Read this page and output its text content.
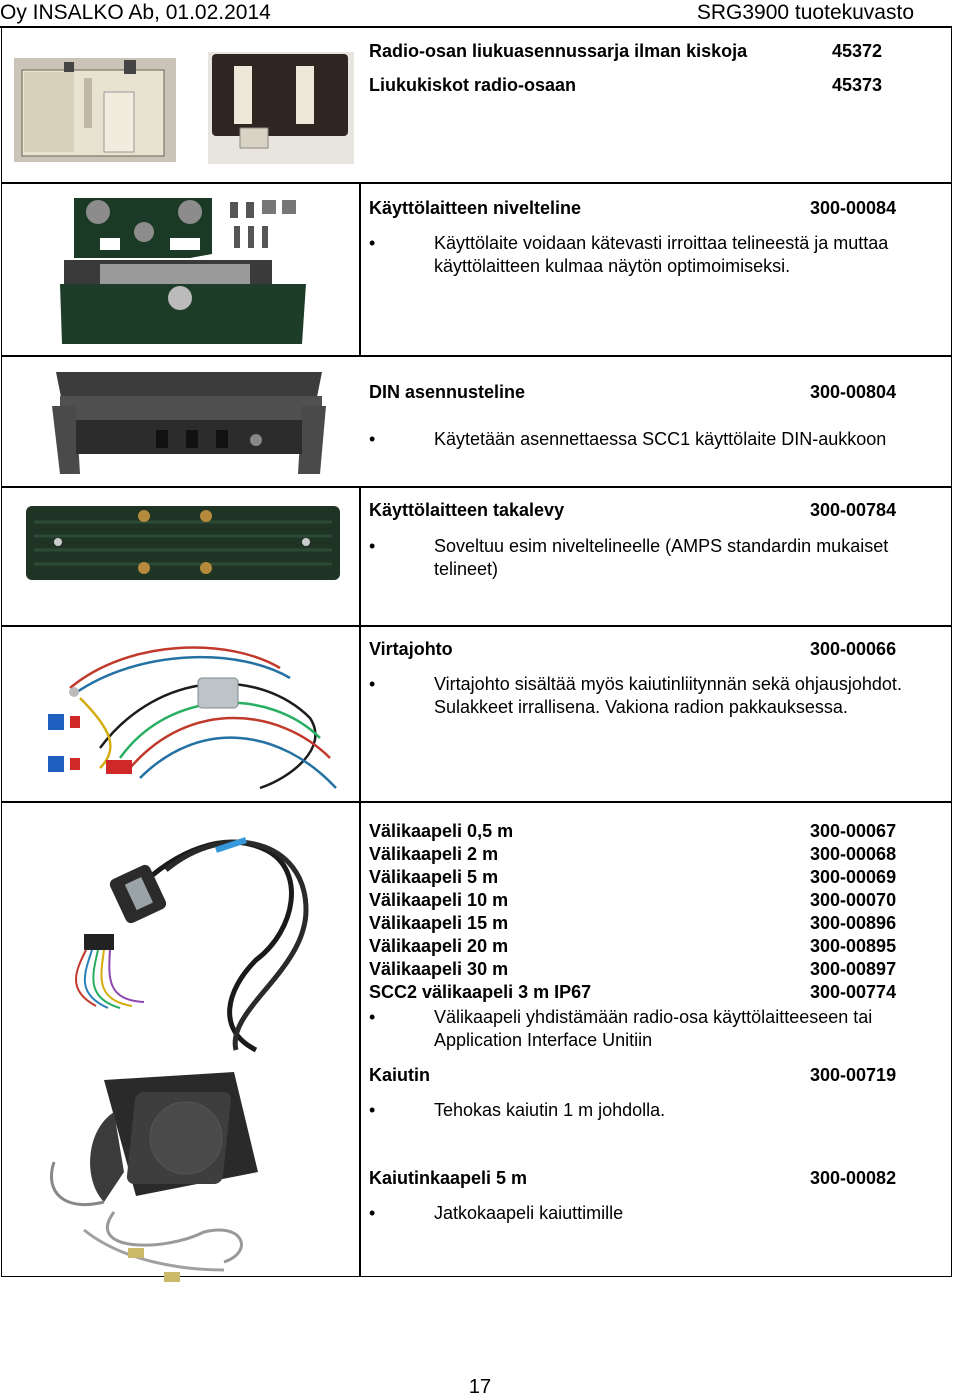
Oy INSALKO Ab, 01.02.2014	SRG3900 tuotekuvasto
Radio-osan liukuasennussarja ilman kiskoja	45372
Liukukiskot radio-osaan	45373
Käyttölaitteen nivelteline	300-00084
•	Käyttölaite voidaan kätevasti irroittaa telineestä ja muttaa käyttölaitteen kulmaa näytön optimoimiseksi.
DIN asennusteline	300-00804
•	Käytetään asennettaessa SCC1 käyttölaite DIN-aukkoon
Käyttölaitteen takalevy	300-00784
•	Soveltuu esim niveltelineelle (AMPS standardin mukaiset telineet)
Virtajohto	300-00066
•	Virtajohto sisältää myös kaiutinliitynnän sekä ohjausjohdot. Sulakkeet irrallisena. Vakiona radion pakkauksessa.
Välikaapeli 0,5 m	300-00067
Välikaapeli 2 m	300-00068
Välikaapeli 5 m	300-00069
Välikaapeli 10 m	300-00070
Välikaapeli 15 m	300-00896
Välikaapeli 20 m	300-00895
Välikaapeli 30 m	300-00897
SCC2 välikaapeli 3 m IP67	300-00774
•	Välikaapeli yhdistämään radio-osa käyttölaitteeseen tai Application Interface Unitiin
Kaiutin	300-00719
•	Tehokas kaiutin 1 m johdolla.
Kaiutinkaapeli 5 m	300-00082
•	Jatkokaapeli kaiuttimille
17
